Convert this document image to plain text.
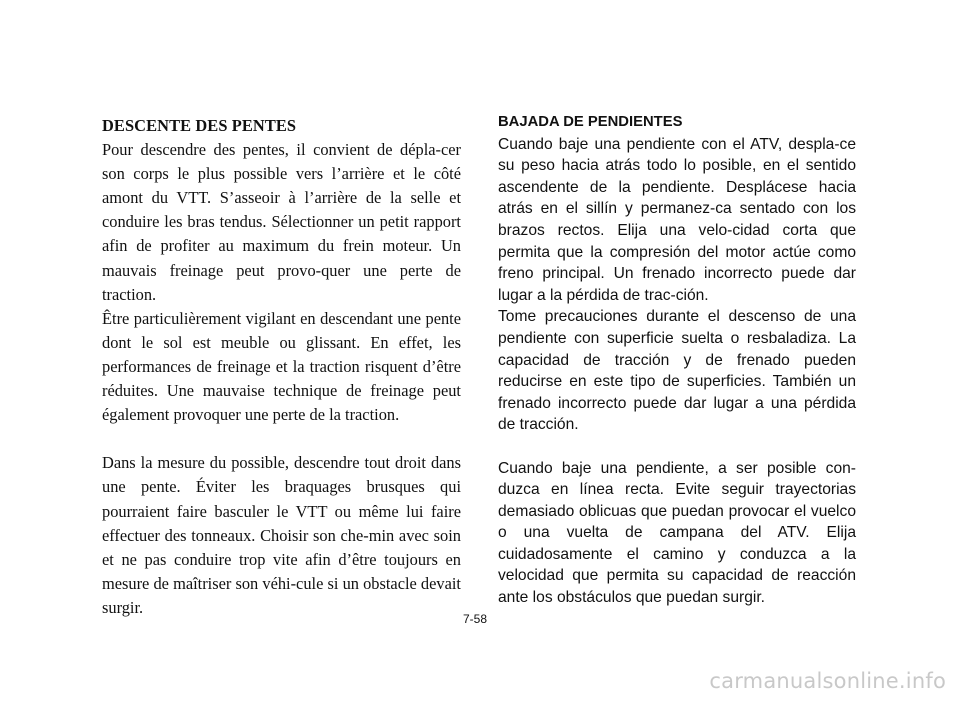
DESCENTE DES PENTES

Pour descendre des pentes, il convient de dépla-cer son corps le plus possible vers l’arrière et le côté amont du VTT. S’asseoir à l’arrière de la selle et conduire les bras tendus. Sélectionner un petit rapport afin de profiter au maximum du frein moteur. Un mauvais freinage peut provo-quer une perte de traction.

Être particulièrement vigilant en descendant une pente dont le sol est meuble ou glissant. En effet, les performances de freinage et la traction risquent d’être réduites. Une mauvaise technique de freinage peut également provoquer une perte de la traction.

Dans la mesure du possible, descendre tout droit dans une pente. Éviter les braquages brusques qui pourraient faire basculer le VTT ou même lui faire effectuer des tonneaux. Choisir son che-min avec soin et ne pas conduire trop vite afin d’être toujours en mesure de maîtriser son véhi-cule si un obstacle devait surgir.

BAJADA DE PENDIENTES

Cuando baje una pendiente con el ATV, despla-ce su peso hacia atrás todo lo posible, en el sentido ascendente de la pendiente. Desplácese hacia atrás en el sillín y permanez-ca sentado con los brazos rectos. Elija una velo-cidad corta que permita que la compresión del motor actúe como freno principal. Un frenado incorrecto puede dar lugar a la pérdida de trac-ción.

Tome precauciones durante el descenso de una pendiente con superficie suelta o resbaladiza. La capacidad de tracción y de frenado pueden reducirse en este tipo de superficies. También un frenado incorrecto puede dar lugar a una pérdida de tracción.

Cuando baje una pendiente, a ser posible con-duzca en línea recta. Evite seguir trayectorias demasiado oblicuas que puedan provocar el vuelco o una vuelta de campana del ATV. Elija cuidadosamente el camino y conduzca a la velocidad que permita su capacidad de reacción ante los obstáculos que puedan surgir.

7-58
carmanualsonline.info
